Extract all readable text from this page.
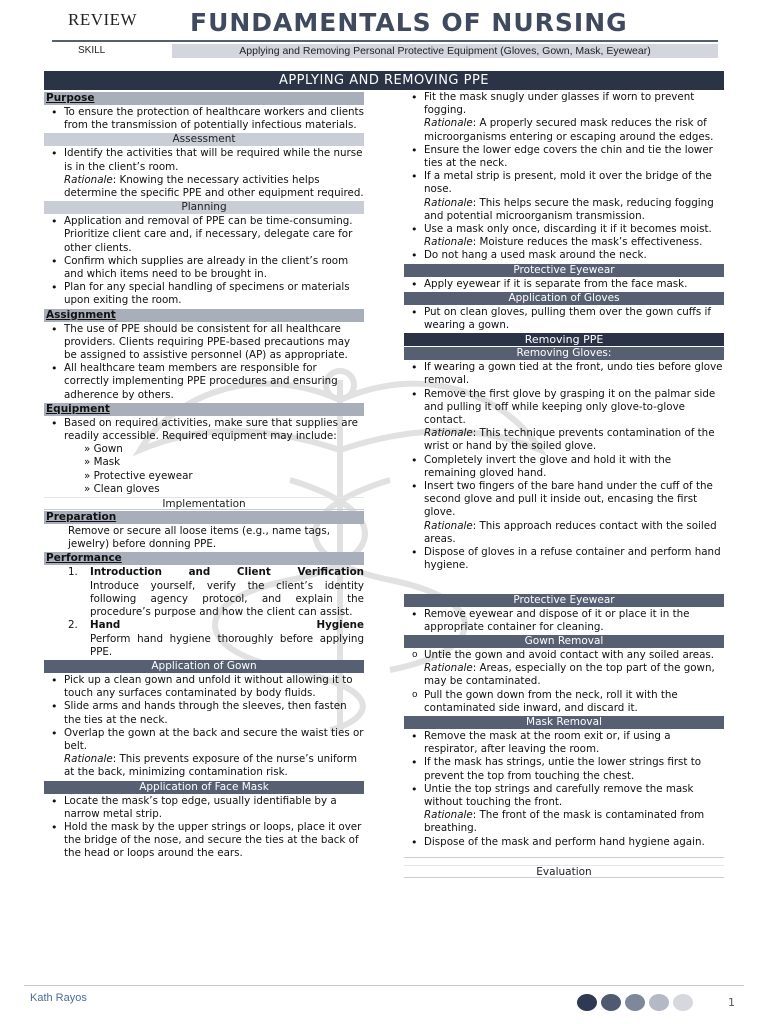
REVIEW FUNDAMENTALS OF NURSING
SKILL	Applying and Removing Personal Protective Equipment (Gloves, Gown, Mask, Eyewear)
APPLYING AND REMOVING PPE
Purpose
• To ensure the protection of healthcare workers and clients from the transmission of potentially infectious materials.
Assessment
• Identify the activities that will be required while the nurse is in the client’s room.
Rationale: Knowing the necessary activities helps determine the specific PPE and other equipment required.
Planning
• Application and removal of PPE can be time-consuming. Prioritize client care and, if necessary, delegate care for other clients.
• Confirm which supplies are already in the client’s room and which items need to be brought in.
• Plan for any special handling of specimens or materials upon exiting the room.
Assignment
• The use of PPE should be consistent for all healthcare providers. Clients requiring PPE-based precautions may be assigned to assistive personnel (AP) as appropriate.
• All healthcare team members are responsible for correctly implementing PPE procedures and ensuring adherence by others.
Equipment
• Based on required activities, make sure that supplies are readily accessible. Required equipment may include:
» Gown
» Mask
» Protective eyewear
» Clean gloves
Implementation
Preparation
Remove or secure all loose items (e.g., name tags, jewelry) before donning PPE.
Performance
1. Introduction	and	Client	Verification
Introduce yourself, verify the client’s identity following agency protocol, and explain the procedure’s purpose and how the client can assist.
2. Hand	Hygiene
Perform hand hygiene thoroughly before applying PPE.
Application of Gown
• Pick up a clean gown and unfold it without allowing it to touch any surfaces contaminated by body fluids.
• Slide arms and hands through the sleeves, then fasten the ties at the neck.
• Overlap the gown at the back and secure the waist ties or belt.
Rationale: This prevents exposure of the nurse’s uniform at the back, minimizing contamination risk.
Application of Face Mask
• Locate the mask’s top edge, usually identifiable by a narrow metal strip.
• Hold the mask by the upper strings or loops, place it over the bridge of the nose, and secure the ties at the back of the head or loops around the ears.
• Fit the mask snugly under glasses if worn to prevent fogging.
Rationale: A properly secured mask reduces the risk of microorganisms entering or escaping around the edges.
• Ensure the lower edge covers the chin and tie the lower ties at the neck.
• If a metal strip is present, mold it over the bridge of the nose.
Rationale: This helps secure the mask, reducing fogging and potential microorganism transmission.
• Use a mask only once, discarding it if it becomes moist.
Rationale: Moisture reduces the mask’s effectiveness.
• Do not hang a used mask around the neck.
Protective Eyewear
• Apply eyewear if it is separate from the face mask.
Application of Gloves
• Put on clean gloves, pulling them over the gown cuffs if wearing a gown.
Removing PPE
Removing Gloves:
• If wearing a gown tied at the front, undo ties before glove removal.
• Remove the first glove by grasping it on the palmar side and pulling it off while keeping only glove-to-glove contact.
Rationale: This technique prevents contamination of the wrist or hand by the soiled glove.
• Completely invert the glove and hold it with the remaining gloved hand.
• Insert two fingers of the bare hand under the cuff of the second glove and pull it inside out, encasing the first glove.
Rationale: This approach reduces contact with the soiled areas.
• Dispose of gloves in a refuse container and perform hand hygiene.
Protective Eyewear
• Remove eyewear and dispose of it or place it in the appropriate container for cleaning.
Gown Removal
o Untie the gown and avoid contact with any soiled areas.
Rationale: Areas, especially on the top part of the gown, may be contaminated.
o Pull the gown down from the neck, roll it with the contaminated side inward, and discard it.
Mask Removal
• Remove the mask at the room exit or, if using a respirator, after leaving the room.
• If the mask has strings, untie the lower strings first to prevent the top from touching the chest.
• Untie the top strings and carefully remove the mask without touching the front.
Rationale: The front of the mask is contaminated from breathing.
• Dispose of the mask and perform hand hygiene again.
Evaluation
Kath Rayos	1
